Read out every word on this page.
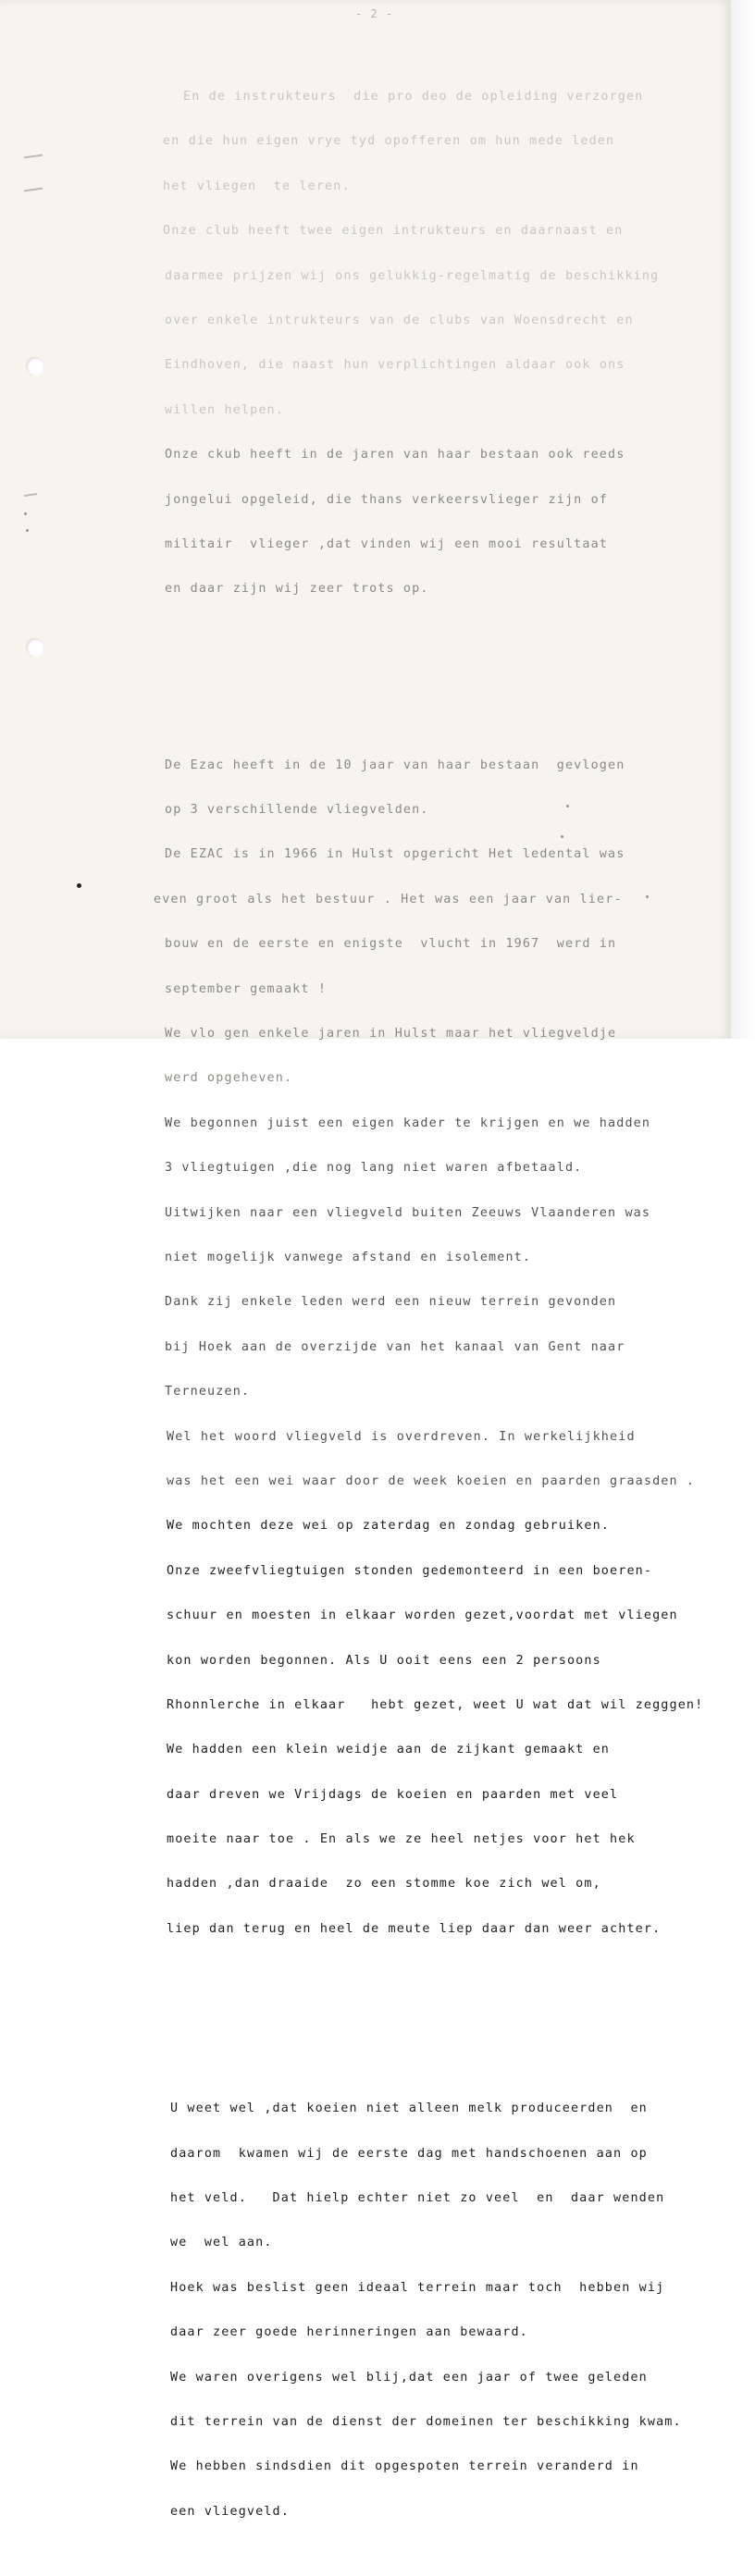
- 2 -

En de instrukteurs  die pro deo de opleiding verzorgen

en die hun eigen vrye tyd opofferen om hun mede leden

het vliegen  te leren.

Onze club heeft twee eigen intrukteurs en daarnaast en

daarmee prijzen wij ons gelukkig-regelmatig de beschikking

over enkele intrukteurs van de clubs van Woensdrecht en

Eindhoven, die naast hun verplichtingen aldaar ook ons

willen helpen.

Onze ckub heeft in de jaren van haar bestaan ook reeds

jongelui opgeleid, die thans verkeersvlieger zijn of

militair  vlieger ,dat vinden wij een mooi resultaat

en daar zijn wij zeer trots op.

De Ezac heeft in de 10 jaar van haar bestaan  gevlogen

op 3 verschillende vliegvelden.

De EZAC is in 1966 in Hulst opgericht Het ledental was

even groot als het bestuur . Het was een jaar van lier-

bouw en de eerste en enigste  vlucht in 1967  werd in

september gemaakt !

We vlo gen enkele jaren in Hulst maar het vliegveldje

werd opgeheven.

We begonnen juist een eigen kader te krijgen en we hadden

3 vliegtuigen ,die nog lang niet waren afbetaald.

Uitwijken naar een vliegveld buiten Zeeuws Vlaanderen was

niet mogelijk vanwege afstand en isolement.

Dank zij enkele leden werd een nieuw terrein gevonden

bij Hoek aan de overzijde van het kanaal van Gent naar

Terneuzen.

Wel het woord vliegveld is overdreven. In werkelijkheid

was het een wei waar door de week koeien en paarden graasden .

We mochten deze wei op zaterdag en zondag gebruiken.

Onze zweefvliegtuigen stonden gedemonteerd in een boeren-

schuur en moesten in elkaar worden gezet,voordat met vliegen

kon worden begonnen. Als U ooit eens een 2 persoons

Rhonnlerche in elkaar   hebt gezet, weet U wat dat wil zegggen!

We hadden een klein weidje aan de zijkant gemaakt en

daar dreven we Vrijdags de koeien en paarden met veel

moeite naar toe . En als we ze heel netjes voor het hek

hadden ,dan draaide  zo een stomme koe zich wel om,

liep dan terug en heel de meute liep daar dan weer achter.

U weet wel ,dat koeien niet alleen melk produceerden  en

daarom  kwamen wij de eerste dag met handschoenen aan op

het veld.   Dat hielp echter niet zo veel  en  daar wenden

we  wel aan.

Hoek was beslist geen ideaal terrein maar toch  hebben wij

daar zeer goede herinneringen aan bewaard.

We waren overigens wel blij,dat een jaar of twee geleden

dit terrein van de dienst der domeinen ter beschikking kwam.

We hebben sindsdien dit opgespoten terrein veranderd in

een vliegveld.
